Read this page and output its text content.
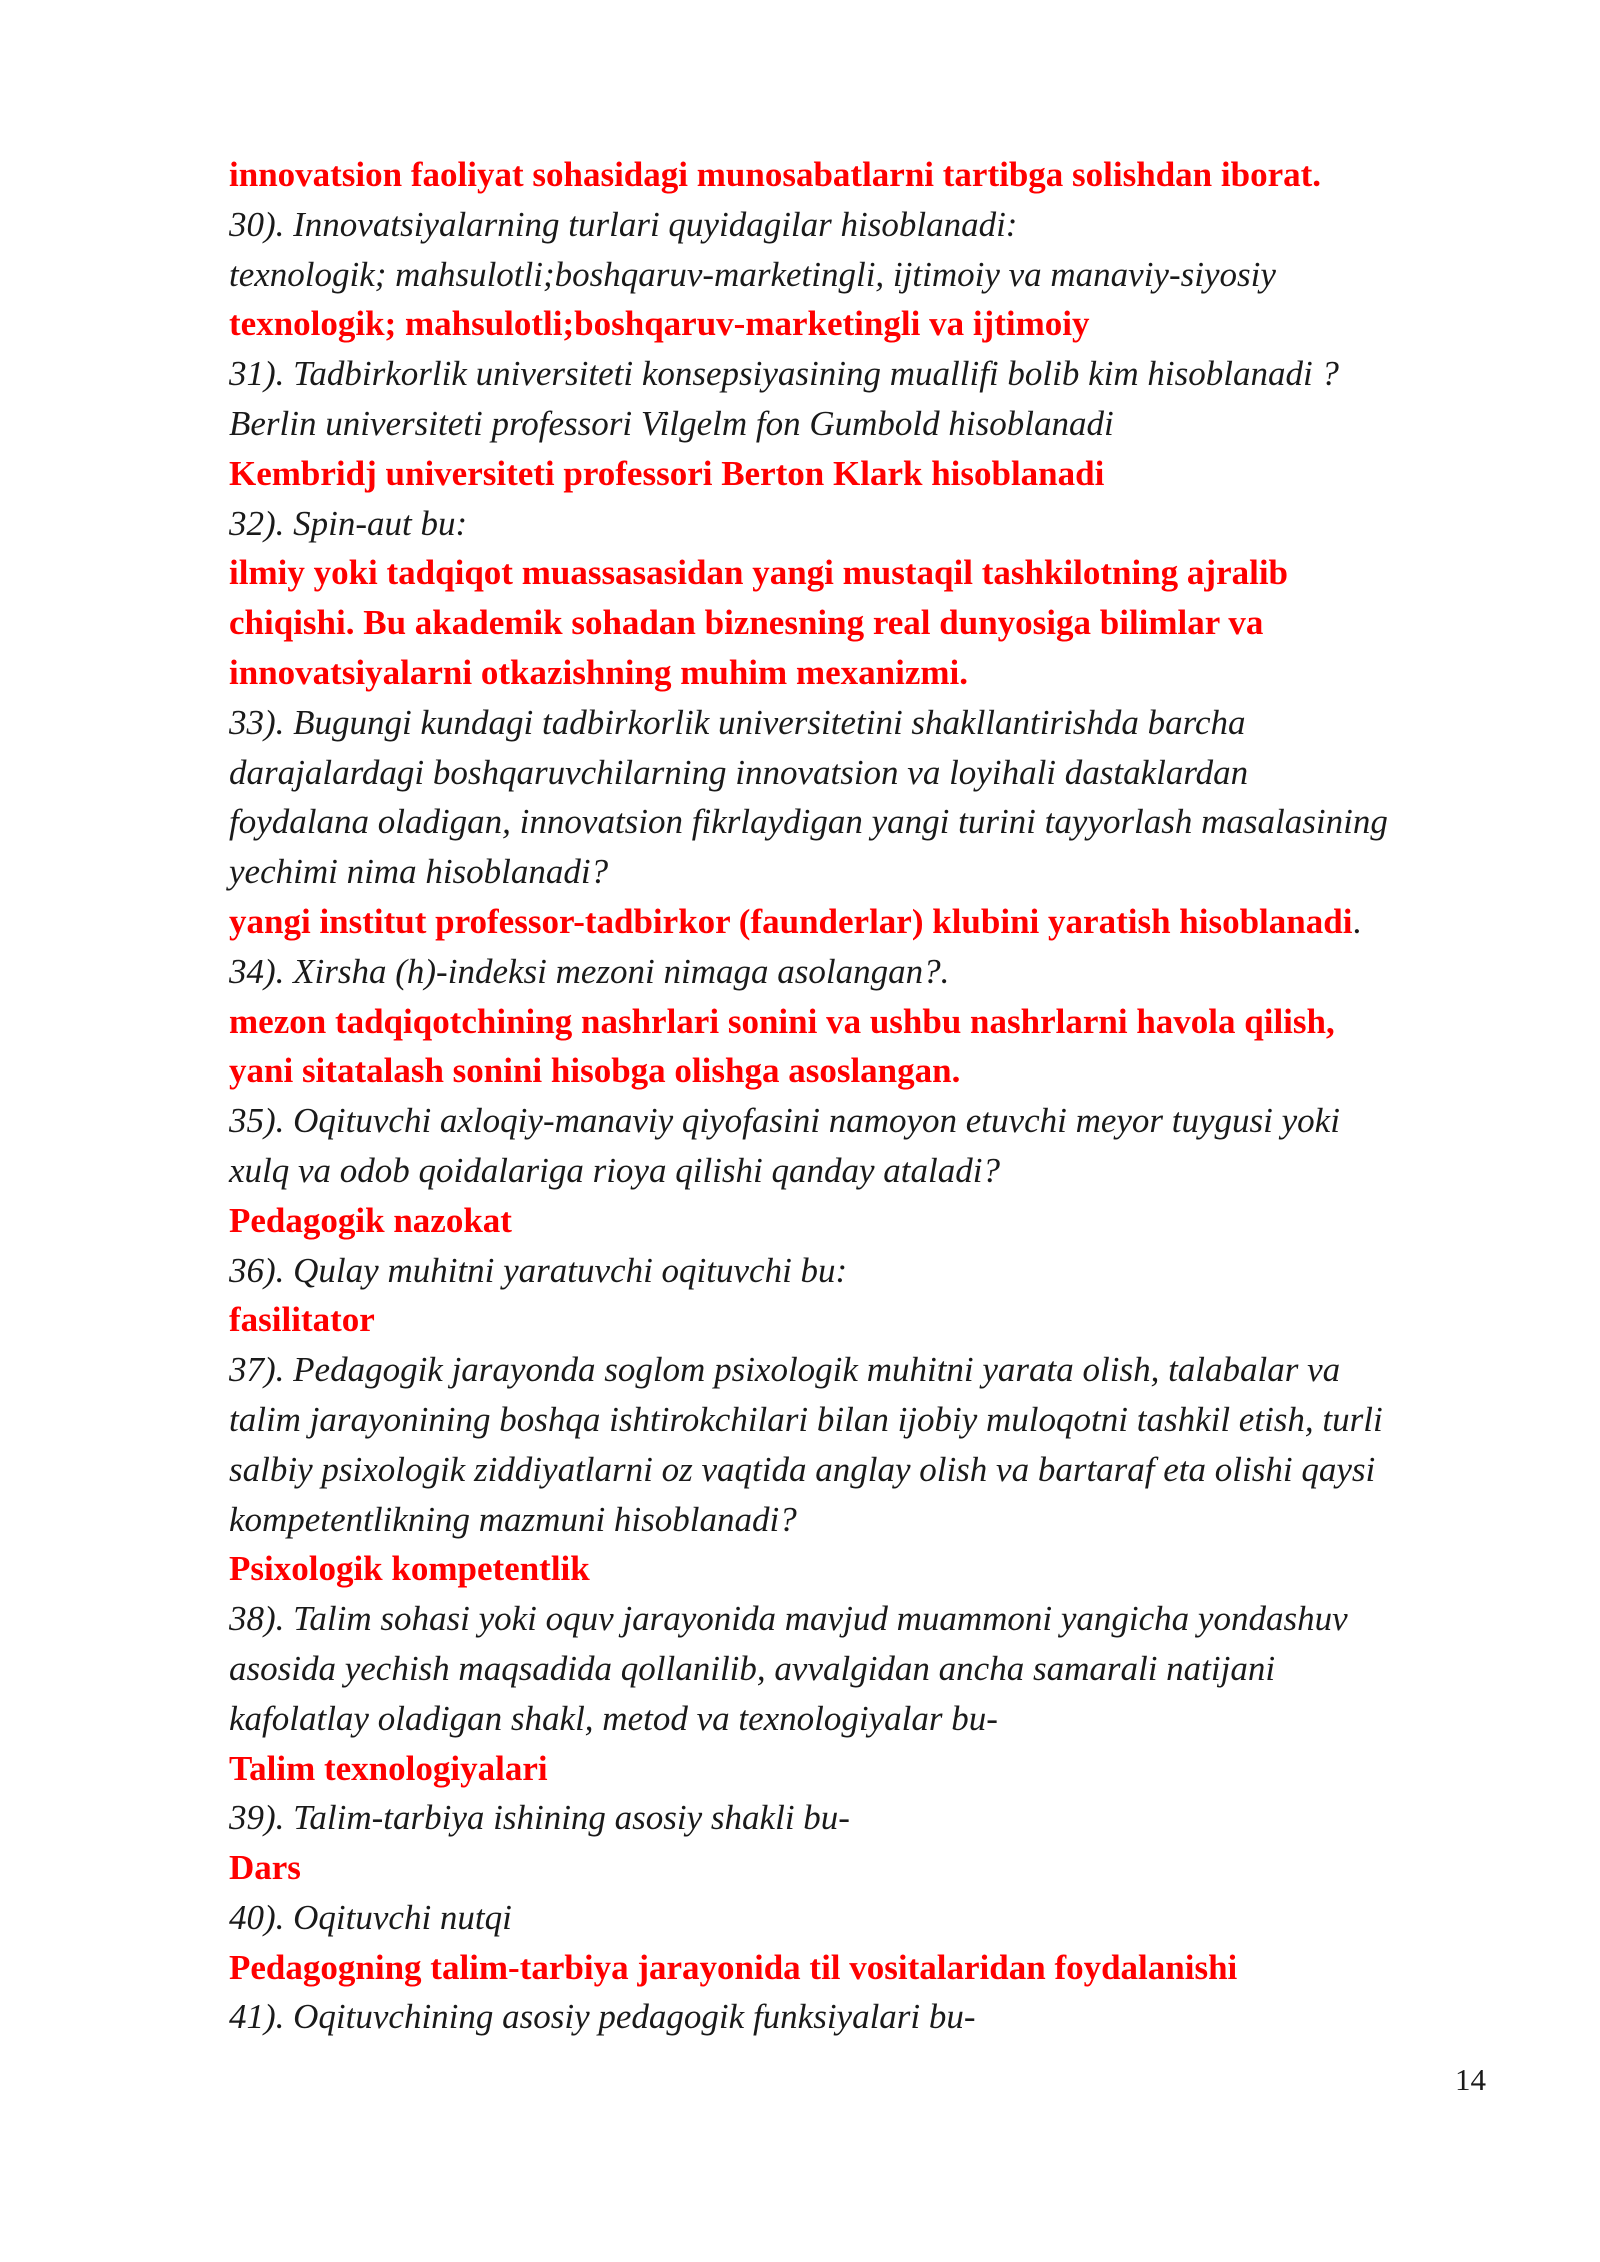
innovatsion faoliyat sohasidagi munosabatlarni tartibga solishdan iborat.
30). Innovatsiyalarning turlari quyidagilar hisoblanadi:
texnologik; mahsulotli;boshqaruv-marketingli, ijtimoiy va manaviy-siyosiy
texnologik; mahsulotli;boshqaruv-marketingli va ijtimoiy
31). Tadbirkorlik universiteti konsepsiyasining muallifi bolib kim hisoblanadi ?
Berlin universiteti professori Vilgelm fon Gumbold hisoblanadi
Kembridj universiteti professori Berton Klark hisoblanadi
32). Spin-aut bu:
ilmiy yoki tadqiqot muassasasidan yangi mustaqil tashkilotning ajralib
chiqishi. Bu akademik sohadan biznesning real dunyosiga bilimlar va
innovatsiyalarni otkazishning muhim mexanizmi.
33). Bugungi kundagi tadbirkorlik universitetini shakllantirishda barcha
darajalardagi boshqaruvchilarning innovatsion va loyihali dastaklardan
foydalana oladigan, innovatsion fikrlaydigan yangi turini tayyorlash masalasining
yechimi nima hisoblanadi?
yangi institut professor-tadbirkor (faunderlar) klubini yaratish hisoblanadi.
34). Xirsha (h)-indeksi mezoni nimaga asolangan?.
mezon tadqiqotchining nashrlari sonini va ushbu nashrlarni havola qilish,
yani sitatalash sonini hisobga olishga asoslangan.
35). Oqituvchi axloqiy-manaviy qiyofasini namoyon etuvchi meyor tuygusi yoki
xulq va odob qoidalariga rioya qilishi qanday ataladi?
Pedagogik nazokat
36). Qulay muhitni yaratuvchi oqituvchi bu:
fasilitator
37). Pedagogik jarayonda soglom psixologik muhitni yarata olish, talabalar va
talim jarayonining boshqa ishtirokchilari bilan ijobiy muloqotni tashkil etish, turli
salbiy psixologik ziddiyatlarni oz vaqtida anglay olish va bartaraf eta olishi qaysi
kompetentlikning mazmuni hisoblanadi?
Psixologik kompetentlik
38). Talim sohasi yoki oquv jarayonida mavjud muammoni yangicha yondashuv
asosida yechish maqsadida qollanilib, avvalgidan ancha samarali natijani
kafolatlay oladigan shakl, metod va texnologiyalar bu-
Talim texnologiyalari
39). Talim-tarbiya ishining asosiy shakli bu-
Dars
40). Oqituvchi nutqi
Pedagogning talim-tarbiya jarayonida til vositalaridan foydalanishi
41). Oqituvchining asosiy pedagogik funksiyalari bu-
14
